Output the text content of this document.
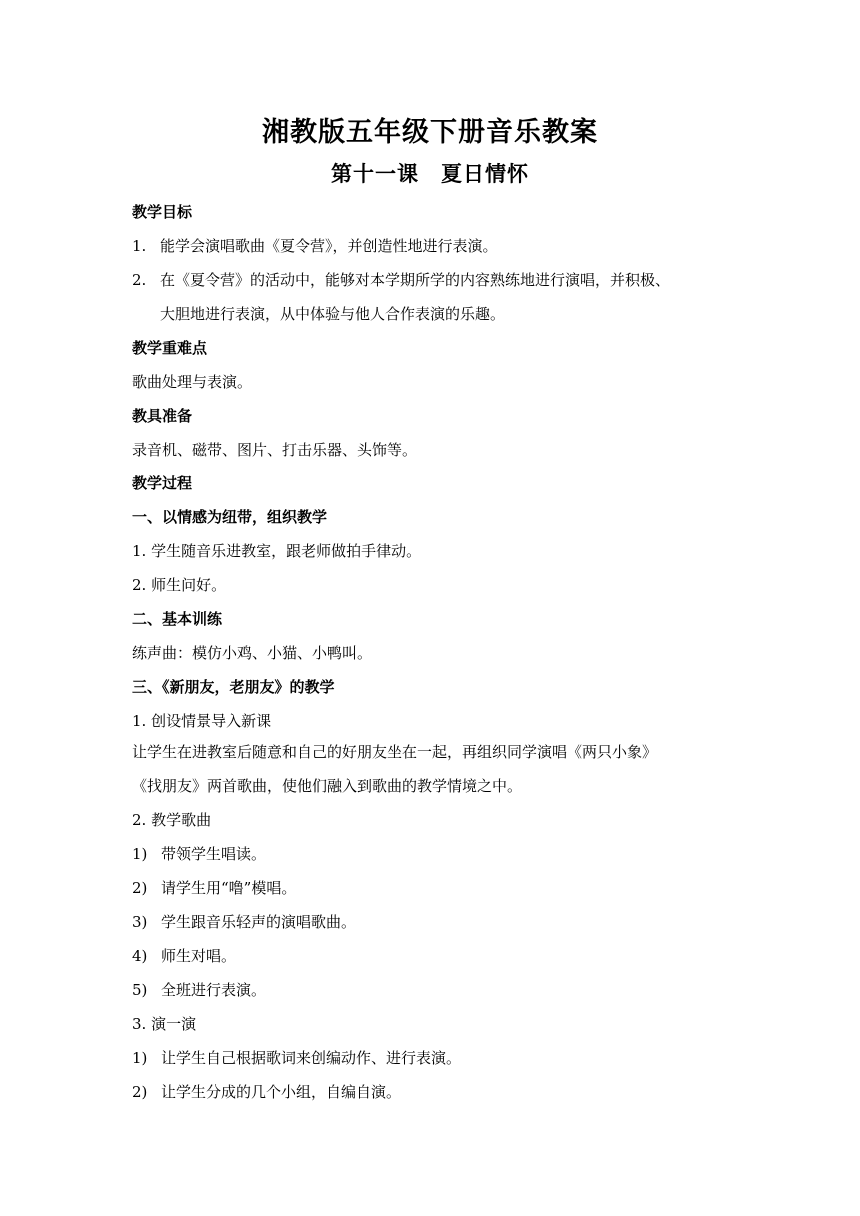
湘教版五年级下册音乐教案
第十一课　夏日情怀
教学目标
1. 能学会演唱歌曲《夏令营》，并创造性地进行表演。
2. 在《夏令营》的活动中，能够对本学期所学的内容熟练地进行演唱，并积极、
大胆地进行表演，从中体验与他人合作表演的乐趣。
教学重难点
歌曲处理与表演。
教具准备
录音机、磁带、图片、打击乐器、头饰等。
教学过程
一、以情感为纽带，组织教学
1. 学生随音乐进教室，跟老师做拍手律动。
2. 师生问好。
二、基本训练
练声曲：模仿小鸡、小猫、小鸭叫。
三、《新朋友，老朋友》的教学
1. 创设情景导入新课
让学生在进教室后随意和自己的好朋友坐在一起，再组织同学演唱《两只小象》
《找朋友》两首歌曲，使他们融入到歌曲的教学情境之中。
2. 教学歌曲
1) 带领学生唱读。
2) 请学生用“噜”模唱。
3) 学生跟音乐轻声的演唱歌曲。
4) 师生对唱。
5) 全班进行表演。
3. 演一演
1) 让学生自己根据歌词来创编动作、进行表演。
2) 让学生分成的几个小组，自编自演。
